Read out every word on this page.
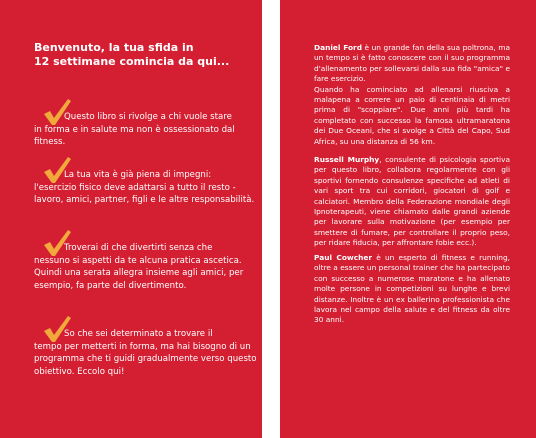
Benvenuto, la tua sfida in
12 settimane comincia da qui...
Questo libro si rivolge a chi vuole stare
in forma e in salute ma non è ossessionato dal fitness.
La tua vita è già piena di impegni:
l'esercizio fisico deve adattarsi a tutto il resto - lavoro, amici, partner, figli e le altre responsabilità.
Troverai di che divertirti senza che
nessuno si aspetti da te alcuna pratica ascetica. Quindi una serata allegra insieme agli amici, per esempio, fa parte del divertimento.
So che sei determinato a trovare il
tempo per metterti in forma, ma hai bisogno di un programma che ti guidi gradualmente verso questo obiettivo. Eccolo qui!
Daniel Ford è un grande fan della sua poltrona, ma un tempo si è fatto conoscere con il suo programma d'allenamento per sollevarsi dalla sua fida "amica" e fare esercizio.
Quando ha cominciato ad allenarsi riusciva a malapena a correre un paio di centinaia di metri prima di "scoppiare". Due anni più tardi ha completato con successo la famosa ultramaratona dei Due Oceani, che si svolge a Città del Capo, Sud Africa, su una distanza di 56 km.
Russell Murphy, consulente di psicologia sportiva per questo libro, collabora regolarmente con gli sportivi fornendo consulenze specifiche ad atleti di vari sport tra cui corridori, giocatori di golf e calciatori. Membro della Federazione mondiale degli Ipnoterapeuti, viene chiamato dalle grandi aziende per lavorare sulla motivazione (per esempio per smettere di fumare, per controllare il proprio peso, per ridare fiducia, per affrontare fobie ecc.).
Paul Cowcher è un esperto di fitness e running, oltre a essere un personal trainer che ha partecipato con successo a numerose maratone e ha allenato molte persone in competizioni su lunghe e brevi distanze. Inoltre è un ex ballerino professionista che lavora nel campo della salute e del fitness da oltre 30 anni.
